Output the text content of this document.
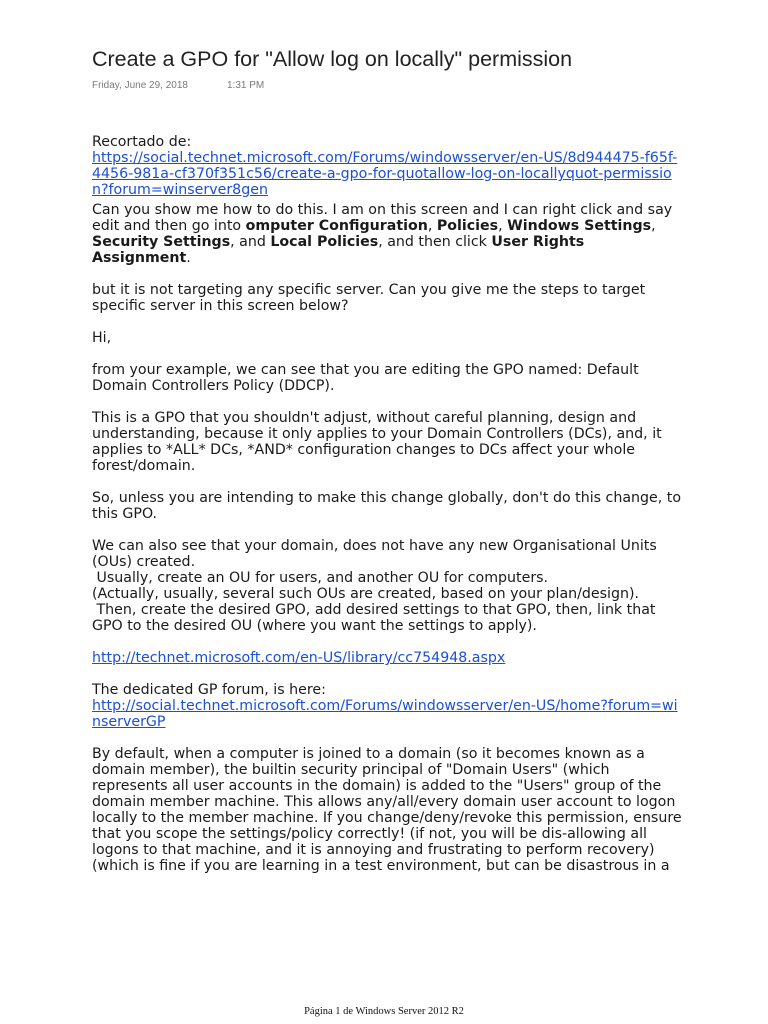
Create a GPO for "Allow log on locally" permission
Friday, June 29, 2018	1:31 PM
Recortado de:
https://social.technet.microsoft.com/Forums/windowsserver/en-US/8d944475-f65f-4456-981a-cf370f351c56/create-a-gpo-for-quotallow-log-on-locallyquot-permission?forum=winserver8gen
Can you show me how to do this. I am on this screen and I can right click and say edit and then go into omputer Configuration, Policies, Windows Settings, Security Settings, and Local Policies, and then click User Rights Assignment.
but it is not targeting any specific server. Can you give me the steps to target specific server in this screen below?
Hi,
from your example, we can see that you are editing the GPO named: Default Domain Controllers Policy (DDCP).
This is a GPO that you shouldn't adjust, without careful planning, design and understanding, because it only applies to your Domain Controllers (DCs), and, it applies to *ALL* DCs, *AND* configuration changes to DCs affect your whole forest/domain.
So, unless you are intending to make this change globally, don't do this change, to this GPO.
We can also see that your domain, does not have any new Organisational Units (OUs) created.
Usually, create an OU for users, and another OU for computers.
(Actually, usually, several such OUs are created, based on your plan/design).
Then, create the desired GPO, add desired settings to that GPO, then, link that GPO to the desired OU (where you want the settings to apply).
http://technet.microsoft.com/en-US/library/cc754948.aspx
The dedicated GP forum, is here:
http://social.technet.microsoft.com/Forums/windowsserver/en-US/home?forum=winserverGP
By default, when a computer is joined to a domain (so it becomes known as a domain member), the builtin security principal of "Domain Users" (which represents all user accounts in the domain) is added to the "Users" group of the domain member machine. This allows any/all/every domain user account to logon locally to the member machine. If you change/deny/revoke this permission, ensure that you scope the settings/policy correctly! (if not, you will be dis-allowing all logons to that machine, and it is annoying and frustrating to perform recovery) (which is fine if you are learning in a test environment, but can be disastrous in a
Página 1 de Windows Server 2012 R2
